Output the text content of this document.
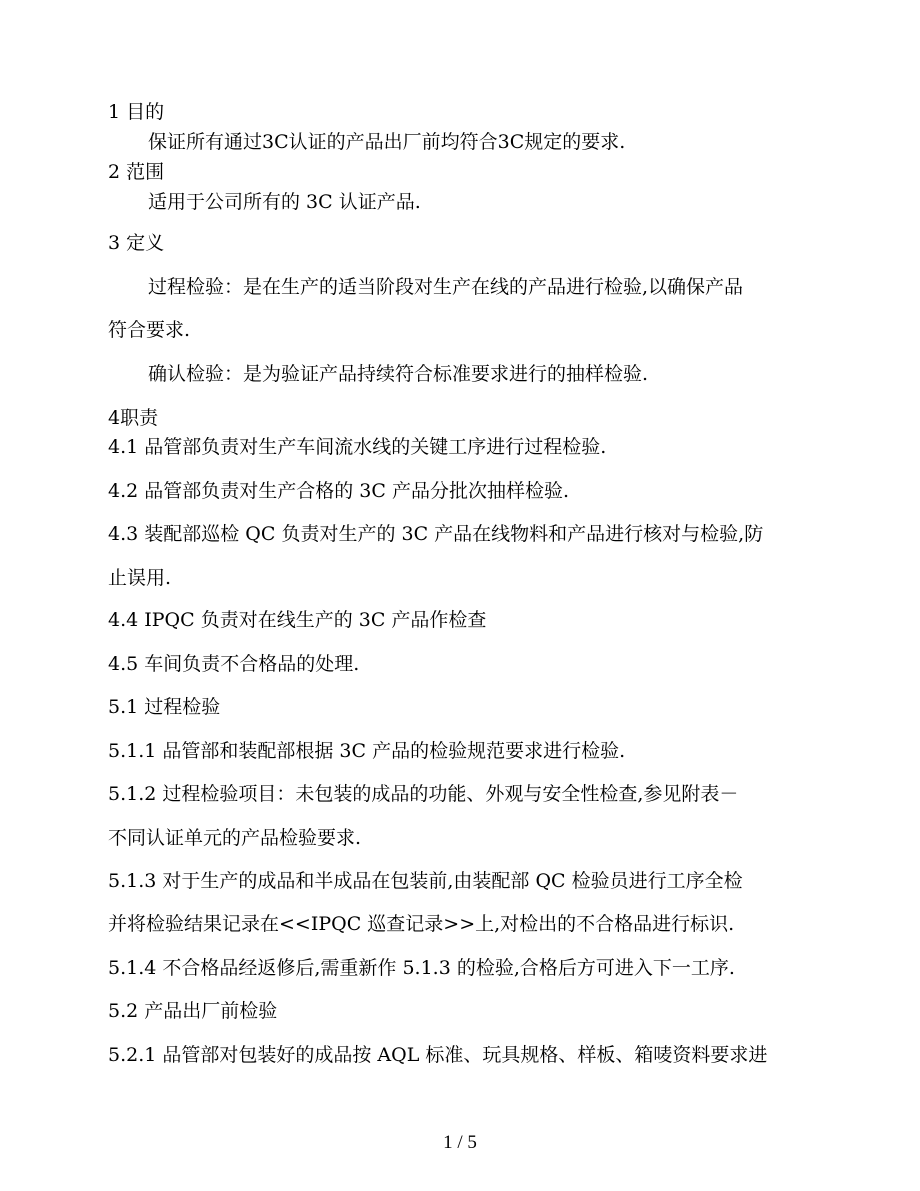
1 目的
保证所有通过3C认证的产品出厂前均符合3C规定的要求.
2 范围
适用于公司所有的 3C 认证产品.
3 定义
过程检验：是在生产的适当阶段对生产在线的产品进行检验,以确保产品
符合要求.
确认检验：是为验证产品持续符合标准要求进行的抽样检验.
4职责
4.1 品管部负责对生产车间流水线的关键工序进行过程检验.
4.2 品管部负责对生产合格的 3C 产品分批次抽样检验.
4.3 装配部巡检 QC 负责对生产的 3C 产品在线物料和产品进行核对与检验,防
止误用.
4.4 IPQC 负责对在线生产的 3C 产品作检查
4.5 车间负责不合格品的处理.
5.1 过程检验
5.1.1 品管部和装配部根据 3C 产品的检验规范要求进行检验.
5.1.2 过程检验项目：未包装的成品的功能、外观与安全性检查,参见附表－
不同认证单元的产品检验要求.
5.1.3 对于生产的成品和半成品在包装前,由装配部 QC 检验员进行工序全检
并将检验结果记录在<<IPQC 巡查记录>>上,对检出的不合格品进行标识.
5.1.4 不合格品经返修后,需重新作 5.1.3 的检验,合格后方可进入下一工序.
5.2 产品出厂前检验
5.2.1 品管部对包装好的成品按 AQL 标准、玩具规格、样板、箱唛资料要求进
1 / 5
